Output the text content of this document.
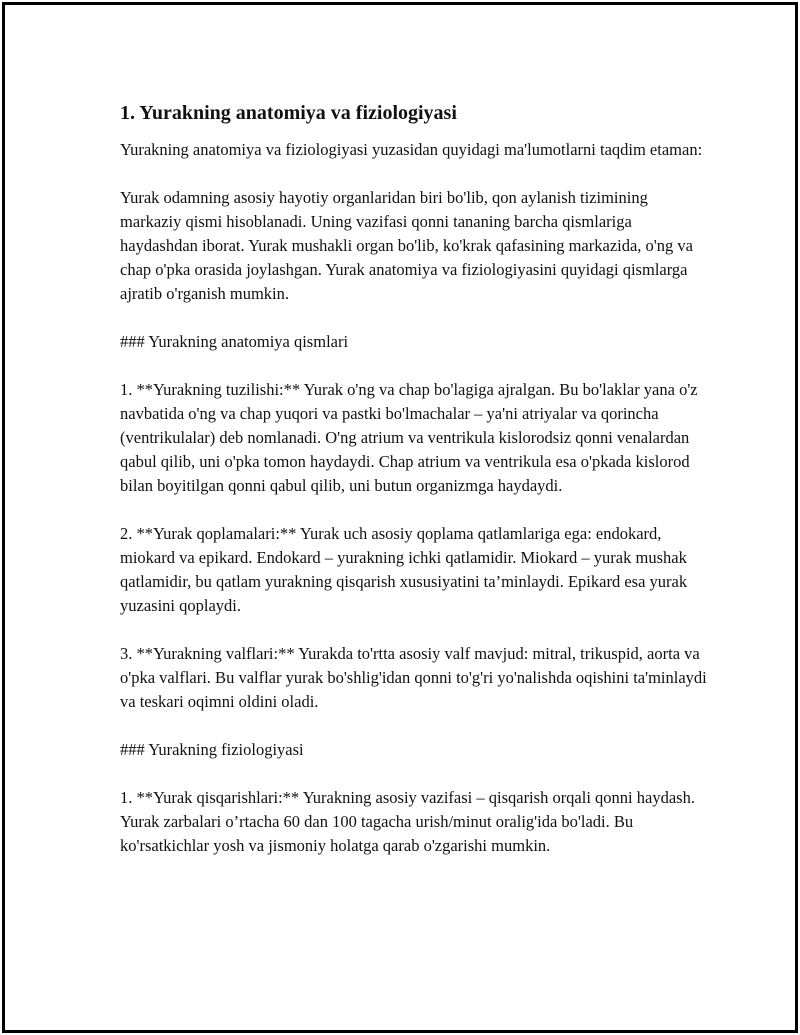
1. Yurakning anatomiya va fiziologiyasi

Yurakning anatomiya va fiziologiyasi yuzasidan quyidagi ma'lumotlarni taqdim etaman:

Yurak odamning asosiy hayotiy organlaridan biri bo'lib, qon aylanish tizimining markaziy qismi hisoblanadi. Uning vazifasi qonni tananing barcha qismlariga haydashdan iborat. Yurak mushakli organ bo'lib, ko'krak qafasining markazida, o'ng va chap o'pka orasida joylashgan. Yurak anatomiya va fiziologiyasini quyidagi qismlarga ajratib o'rganish mumkin.

### Yurakning anatomiya qismlari

1. **Yurakning tuzilishi:** Yurak o'ng va chap bo'lagiga ajralgan. Bu bo'laklar yana o'z navbatida o'ng va chap yuqori va pastki bo'lmachalar – ya'ni atriyalar va qorincha (ventrikulalar) deb nomlanadi. O'ng atrium va ventrikula kislorodsiz qonni venalardan qabul qilib, uni o'pka tomon haydaydi. Chap atrium va ventrikula esa o'pkada kislorod bilan boyitilgan qonni qabul qilib, uni butun organizmga haydaydi.

2. **Yurak qoplamalari:** Yurak uch asosiy qoplama qatlamlariga ega: endokard, miokard va epikard. Endokard – yurakning ichki qatlamidir. Miokard – yurak mushak qatlamidir, bu qatlam yurakning qisqarish xususiyatini ta’minlaydi. Epikard esa yurak yuzasini qoplaydi.

3. **Yurakning valflari:** Yurakda to'rtta asosiy valf mavjud: mitral, trikuspid, aorta va o'pka valflari. Bu valflar yurak bo'shlig'idan qonni to'g'ri yo'nalishda oqishini ta'minlaydi va teskari oqimni oldini oladi.

### Yurakning fiziologiyasi

1. **Yurak qisqarishlari:** Yurakning asosiy vazifasi – qisqarish orqali qonni haydash. Yurak zarbalari o’rtacha 60 dan 100 tagacha urish/minut oralig'ida bo'ladi. Bu ko'rsatkichlar yosh va jismoniy holatga qarab o'zgarishi mumkin.
